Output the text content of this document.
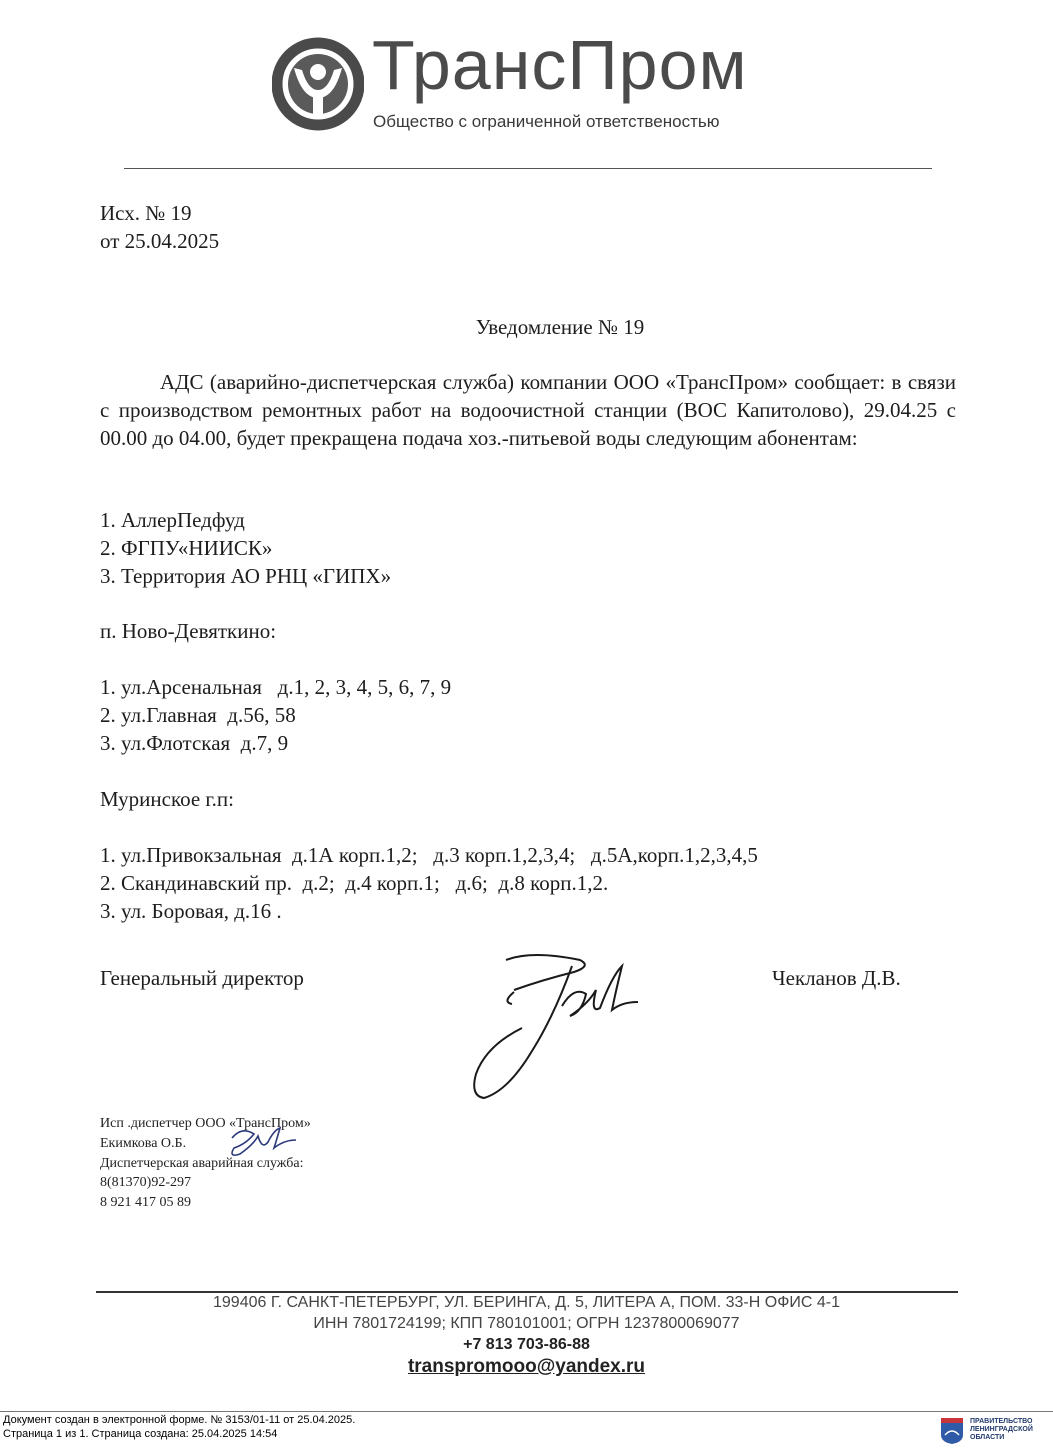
ТрансПром
Общество с ограниченной ответственостью
Исх. № 19
от 25.04.2025
Уведомление № 19
АДС (аварийно-диспетчерская служба) компании ООО «ТрансПром» сообщает: в связи с производством ремонтных работ на водоочистной станции (ВОС Капитолово), 29.04.25 с 00.00 до 04.00, будет прекращена подача хоз.-питьевой воды следующим абонентам:
1. АллерПедфуд
2. ФГПУ«НИИСК»
3. Территория АО РНЦ «ГИПХ»
п. Ново-Девяткино:
1. ул.Арсенальная   д.1, 2, 3, 4, 5, 6, 7, 9
2. ул.Главная  д.56, 58
3. ул.Флотская  д.7, 9
Муринское г.п:
1. ул.Привокзальная  д.1А корп.1,2;   д.3 корп.1,2,3,4;   д.5А,корп.1,2,3,4,5
2. Скандинавский пр.  д.2;  д.4 корп.1;   д.6;  д.8 корп.1,2.
3. ул. Боровая, д.16 .
Генеральный директор	Чекланов Д.В.
Исп .диспетчер ООО «ТрансПром»
Екимкова О.Б.
Диспетчерская аварийная служба:
8(81370)92-297
8 921 417 05 89
199406 Г. САНКТ-ПЕТЕРБУРГ, УЛ. БЕРИНГА, Д. 5, ЛИТЕРА А, ПОМ. 33-Н ОФИС 4-1
ИНН 7801724199; КПП 780101001; ОГРН 1237800069077
+7 813 703-86-88
transpromooo@yandex.ru
Документ создан в электронной форме. № 3153/01-11 от 25.04.2025.
Страница 1 из 1. Страница создана: 25.04.2025 14:54
ПРАВИТЕЛЬСТВО
ЛЕНИНГРАДСКОЙ
ОБЛАСТИ
